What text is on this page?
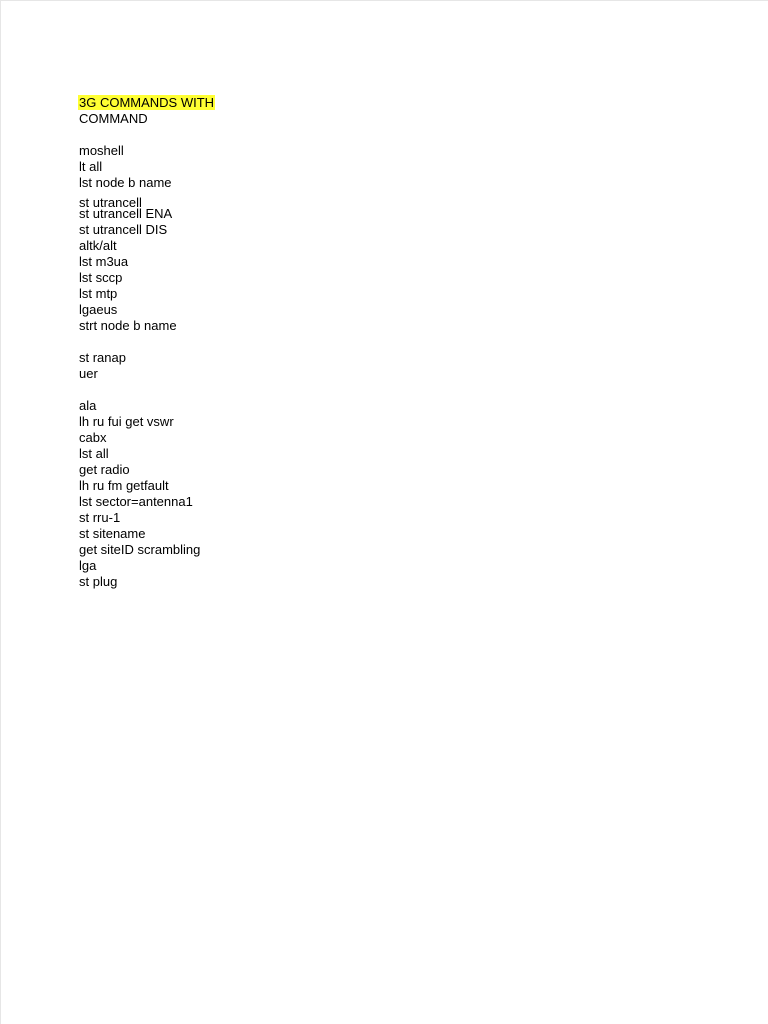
3G COMMANDS WITH
COMMAND
moshell
lt all
lst node b name
st utrancell
st utrancell ENA
st utrancell DIS
altk/alt
lst m3ua
lst sccp
lst mtp
lgaeus
strt node b name
st ranap
uer
ala
lh ru fui get vswr
cabx
lst all
get radio
lh ru fm getfault
lst sector=antenna1
st rru-1
st sitename
get siteID scrambling
lga
st plug
